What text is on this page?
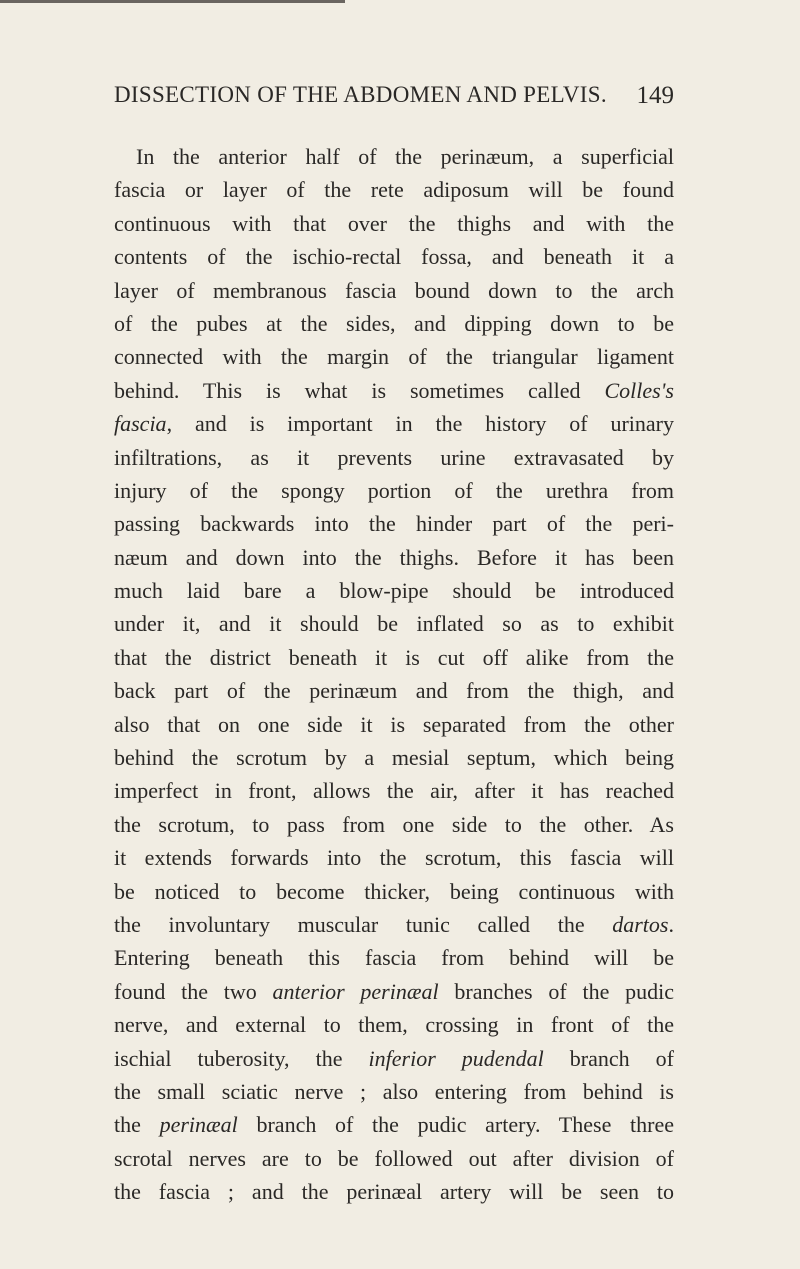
DISSECTION OF THE ABDOMEN AND PELVIS. 149
In the anterior half of the perinæum, a superficial
fascia or layer of the rete adiposum will be found
continuous with that over the thighs and with the
contents of the ischio-rectal fossa, and beneath it a
layer of membranous fascia bound down to the arch
of the pubes at the sides, and dipping down to be
connected with the margin of the triangular ligament
behind. This is what is sometimes called Colles's
fascia, and is important in the history of urinary
infiltrations, as it prevents urine extravasated by
injury of the spongy portion of the urethra from
passing backwards into the hinder part of the peri-
næum and down into the thighs. Before it has been
much laid bare a blow-pipe should be introduced
under it, and it should be inflated so as to exhibit
that the district beneath it is cut off alike from the
back part of the perinæum and from the thigh, and
also that on one side it is separated from the other
behind the scrotum by a mesial septum, which being
imperfect in front, allows the air, after it has reached
the scrotum, to pass from one side to the other. As
it extends forwards into the scrotum, this fascia will
be noticed to become thicker, being continuous with
the involuntary muscular tunic called the dartos.
Entering beneath this fascia from behind will be
found the two anterior perinæal branches of the pudic
nerve, and external to them, crossing in front of the
ischial tuberosity, the inferior pudendal branch of
the small sciatic nerve ; also entering from behind is
the perinæal branch of the pudic artery. These three
scrotal nerves are to be followed out after division of
the fascia ; and the perinæal artery will be seen to
